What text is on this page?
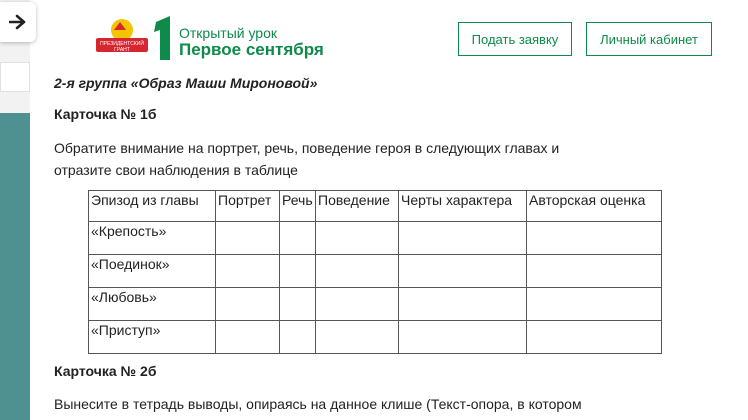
ПРЕЗИДЕНТСКИЙ
ГРАНТ
Открытый урок
Первое сентября
Подать заявку	Личный кабинет
2-я группа «Образ Маши Мироновой»
Карточка № 1б
Обратите внимание на портрет, речь, поведение героя в следующих главах и
отразите свои наблюдения в таблице
Эпизод из главы	Портрет	Речь	Поведение	Черты характера	Авторская оценка
«Крепость»					
«Поединок»					
«Любовь»					
«Приступ»					
Карточка № 2б
Вынесите в тетрадь выводы, опираясь на данное клише (Текст-опора, в котором
